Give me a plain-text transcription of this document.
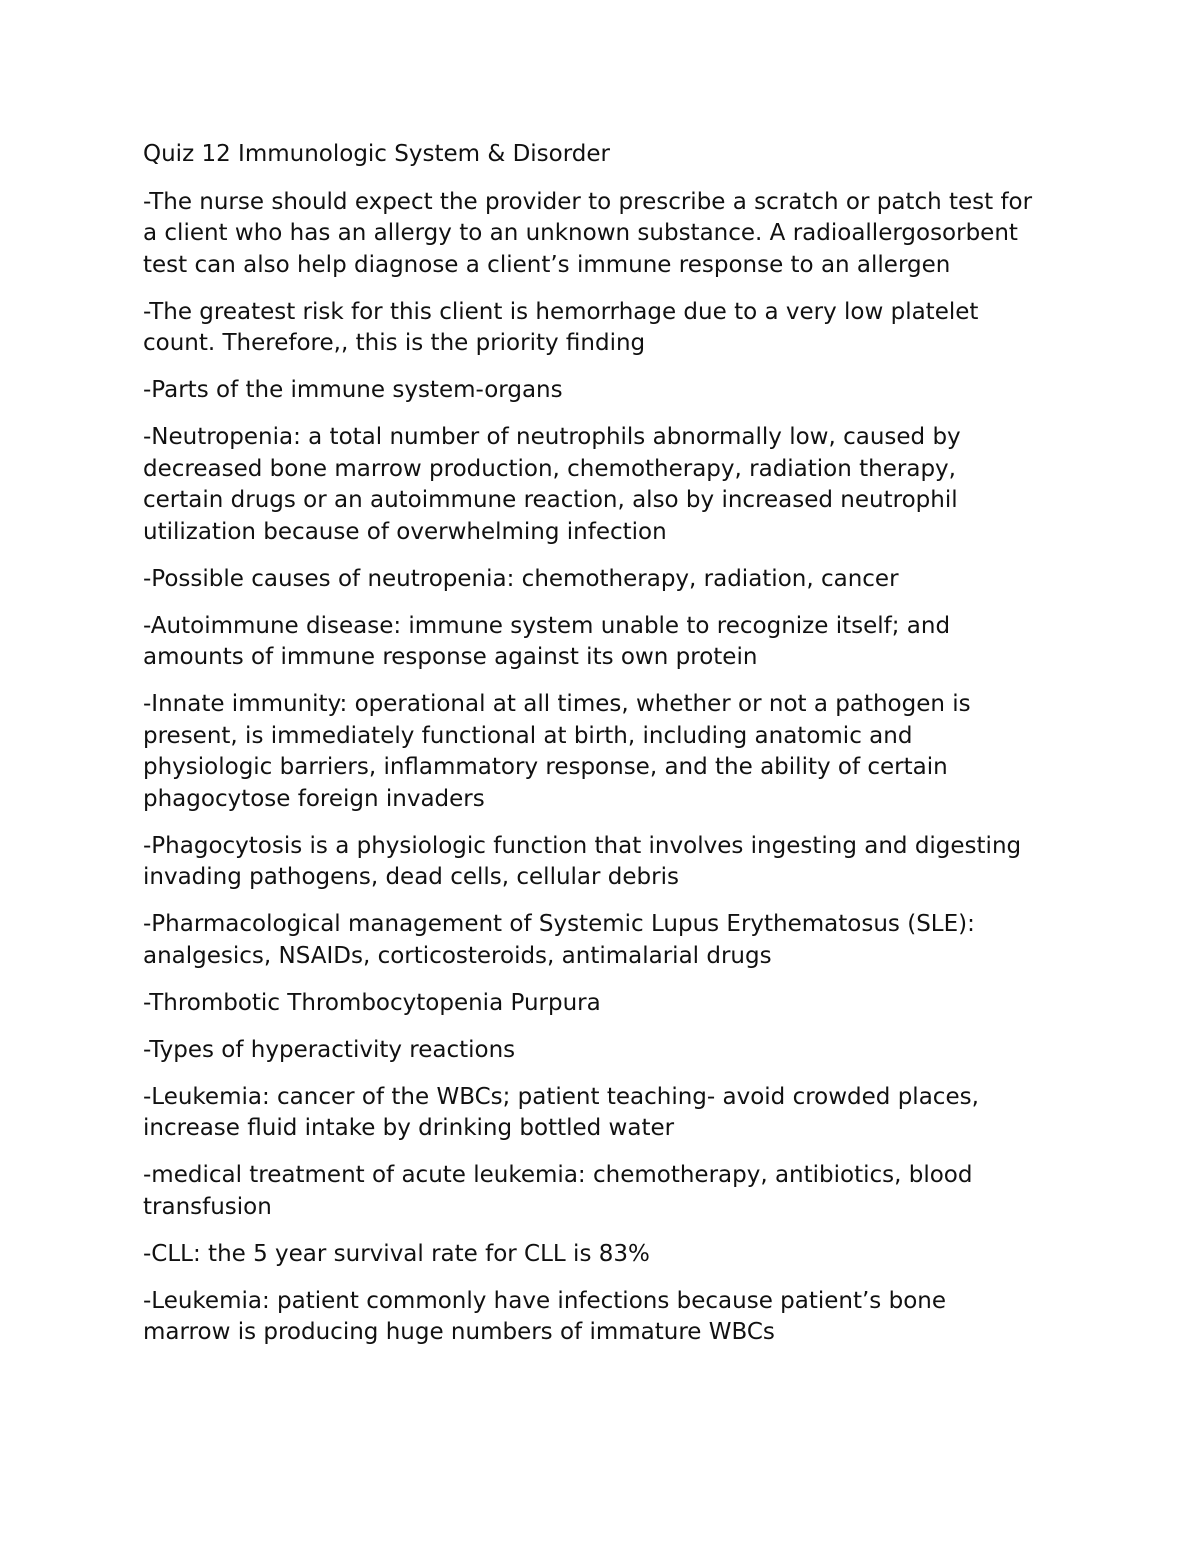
Quiz 12 Immunologic System & Disorder
-The nurse should expect the provider to prescribe a scratch or patch test for
a client who has an allergy to an unknown substance. A radioallergosorbent
test can also help diagnose a client’s immune response to an allergen
-The greatest risk for this client is hemorrhage due to a very low platelet
count. Therefore,, this is the priority finding
-Parts of the immune system-organs
-Neutropenia: a total number of neutrophils abnormally low, caused by
decreased bone marrow production, chemotherapy, radiation therapy,
certain drugs or an autoimmune reaction, also by increased neutrophil
utilization because of overwhelming infection
-Possible causes of neutropenia: chemotherapy, radiation, cancer
-Autoimmune disease: immune system unable to recognize itself; and
amounts of immune response against its own protein
-Innate immunity: operational at all times, whether or not a pathogen is
present, is immediately functional at birth, including anatomic and
physiologic barriers, inflammatory response, and the ability of certain
phagocytose foreign invaders
-Phagocytosis is a physiologic function that involves ingesting and digesting
invading pathogens, dead cells, cellular debris
-Pharmacological management of Systemic Lupus Erythematosus (SLE):
analgesics, NSAIDs, corticosteroids, antimalarial drugs
-Thrombotic Thrombocytopenia Purpura
-Types of hyperactivity reactions
-Leukemia: cancer of the WBCs; patient teaching- avoid crowded places,
increase fluid intake by drinking bottled water
-medical treatment of acute leukemia: chemotherapy, antibiotics, blood
transfusion
-CLL: the 5 year survival rate for CLL is 83%
-Leukemia: patient commonly have infections because patient’s bone
marrow is producing huge numbers of immature WBCs
